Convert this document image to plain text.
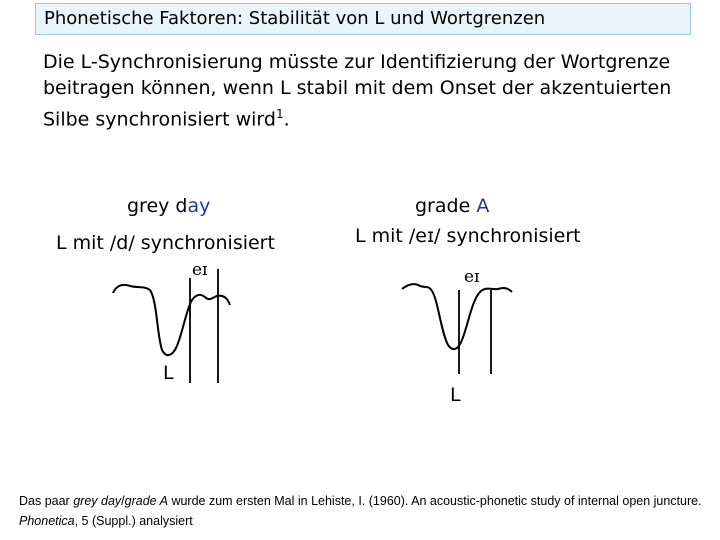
Phonetische Faktoren: Stabilität von L und Wortgrenzen
Die L-Synchronisierung müsste zur Identifizierung der Wortgrenze beitragen können, wenn L stabil mit dem Onset der akzentuierten Silbe synchronisiert wird$^1$.
grey day
L mit /d/ synchronisiert
eɪ
L
grade A
L mit /eɪ/ synchronisiert
eɪ
L
Das paar grey day/grade A wurde zum ersten Mal in Lehiste, I. (1960). An acoustic-phonetic study of internal open juncture. Phonetica, 5 (Suppl.) analysiert
